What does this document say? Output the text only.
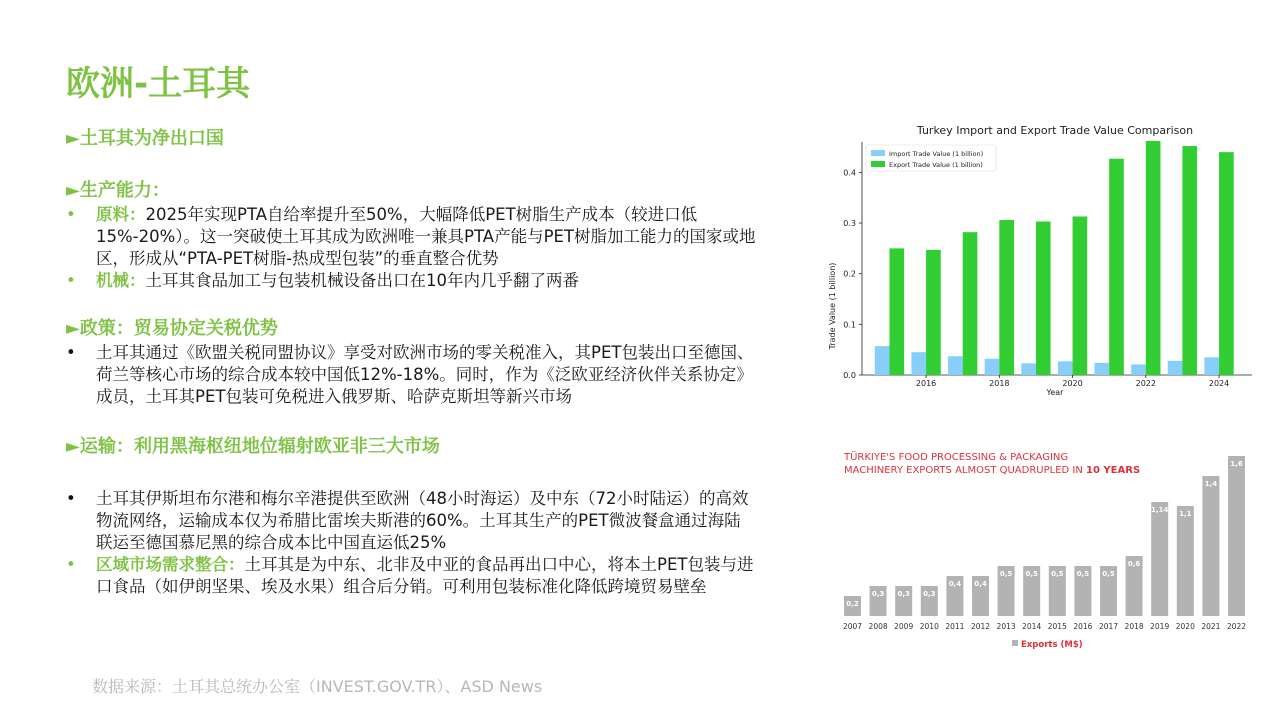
欧洲-土耳其
►土耳其为净出口国
►生产能力：
•	原料：2025年实现PTA自给率提升至50%，大幅降低PET树脂生产成本（较进口低15%-20%）。这一突破使土耳其成为欧洲唯一兼具PTA产能与PET树脂加工能力的国家或地区，形成从“PTA-PET树脂-热成型包装”的垂直整合优势
•	机械：土耳其食品加工与包装机械设备出口在10年内几乎翻了两番
►政策：贸易协定关税优势
•	土耳其通过《欧盟关税同盟协议》享受对欧洲市场的零关税准入，其PET包装出口至德国、荷兰等核心市场的综合成本较中国低12%-18%。同时，作为《泛欧亚经济伙伴关系协定》成员，土耳其PET包装可免税进入俄罗斯、哈萨克斯坦等新兴市场
►运输：利用黑海枢纽地位辐射欧亚非三大市场
•	土耳其伊斯坦布尔港和梅尔辛港提供至欧洲（48小时海运）及中东（72小时陆运）的高效物流网络，运输成本仅为希腊比雷埃夫斯港的60%。土耳其生产的PET微波餐盒通过海陆联运至德国慕尼黑的综合成本比中国直运低25%
•	区域市场需求整合：土耳其是为中东、北非及中亚的食品再出口中心，将本土PET包装与进口食品（如伊朗坚果、埃及水果）组合后分销。可利用包装标准化降低跨境贸易壁垒
数据来源：土耳其总统办公室（INVEST.GOV.TR）、ASD News
Turkey Import and Export Trade Value Comparison
0.0
0.1
0.2
0.3
0.4
2016	2018	2020	2022	2024
Import Trade Value (1 billion)
Export Trade Value (1 billion)
Trade Value (1 billion)
Year
TÜRKIYE'S FOOD PROCESSING & PACKAGING
MACHINERY EXPORTS ALMOST QUADRUPLED IN 10 YEARS
0,2
2007
0,3
2008
0,3
2009
0,3
2010
0,4
2011
0,4
2012
0,5
2013
0,5
2014
0,5
2015
0,5
2016
0,5
2017
0,6
2018
1,14
2019
1,1
2020
1,4
2021
1,6
2022
Exports (M$)
